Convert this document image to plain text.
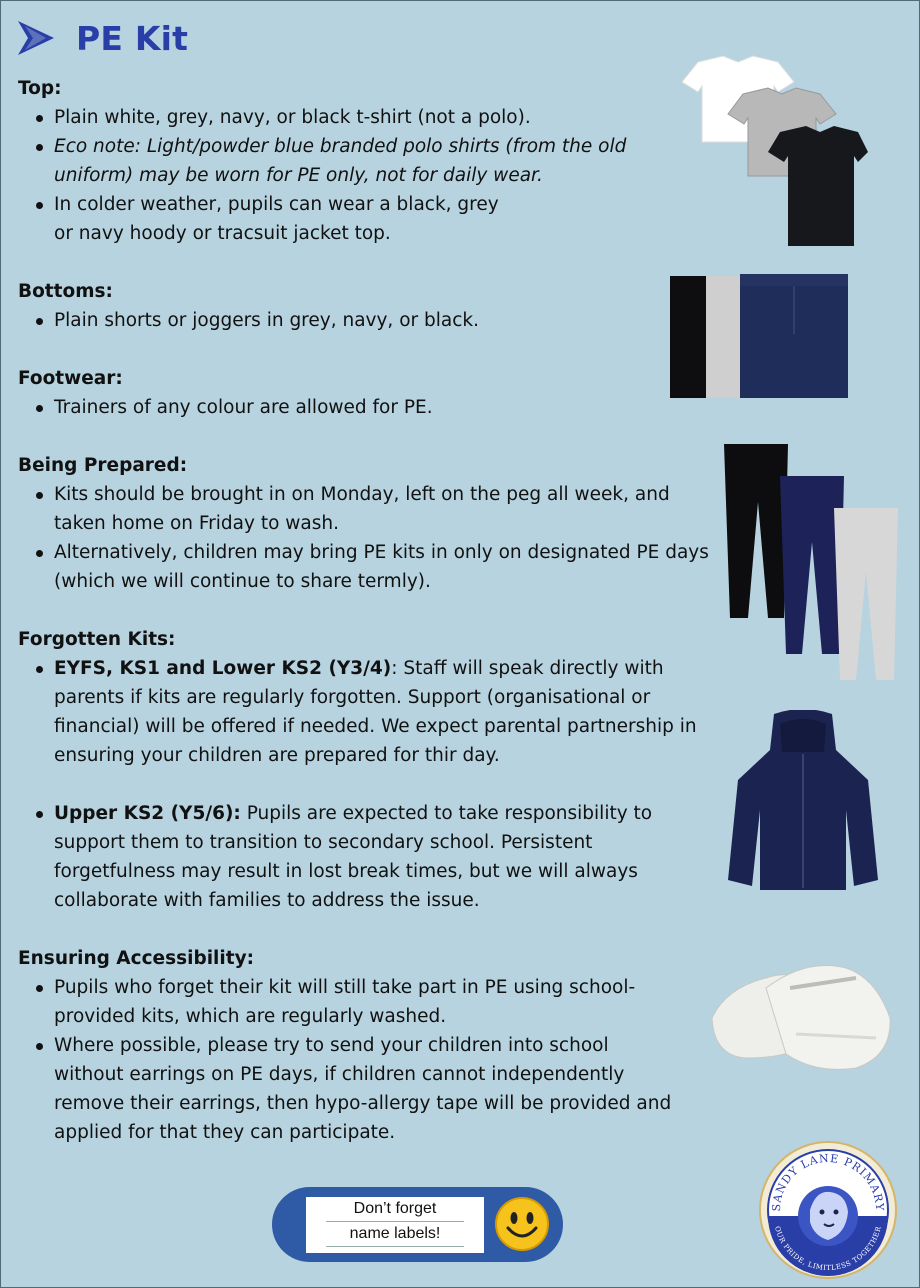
PE Kit
Top:
Plain white, grey, navy, or black t-shirt (not a polo).
Eco note: Light/powder blue branded polo shirts (from the old uniform) may be worn for PE only, not for daily wear.
In colder weather, pupils can wear a black, grey or navy hoody or tracsuit jacket top.
Bottoms:
Plain shorts or joggers in grey, navy, or black.
Footwear:
Trainers of any colour are allowed for PE.
Being Prepared:
Kits should be brought in on Monday, left on the peg all week, and taken home on Friday to wash.
Alternatively, children may bring PE kits in only on designated PE days (which we will continue to share termly).
Forgotten Kits:
EYFS, KS1 and Lower KS2 (Y3/4): Staff will speak directly with parents if kits are regularly forgotten. Support (organisational or financial) will be offered if needed. We expect parental partnership in ensuring your children are prepared for thir day.
Upper KS2 (Y5/6): Pupils are expected to take responsibility to support them to transition to secondary school. Persistent forgetfulness may result in lost break times, but we will always collaborate with families to address the issue.
Ensuring Accessibility:
Pupils who forget their kit will still take part in PE using school-provided kits, which are regularly washed.
Where possible, please try to send your children into school without earrings on PE days, if children cannot independently remove their earrings, then hypo-allergy tape will be provided and applied for that they can participate.
Don’t forget
name labels!
SANDY LANE PRIMARY
OUR PRIDE, LIMITLESS TOGETHER
